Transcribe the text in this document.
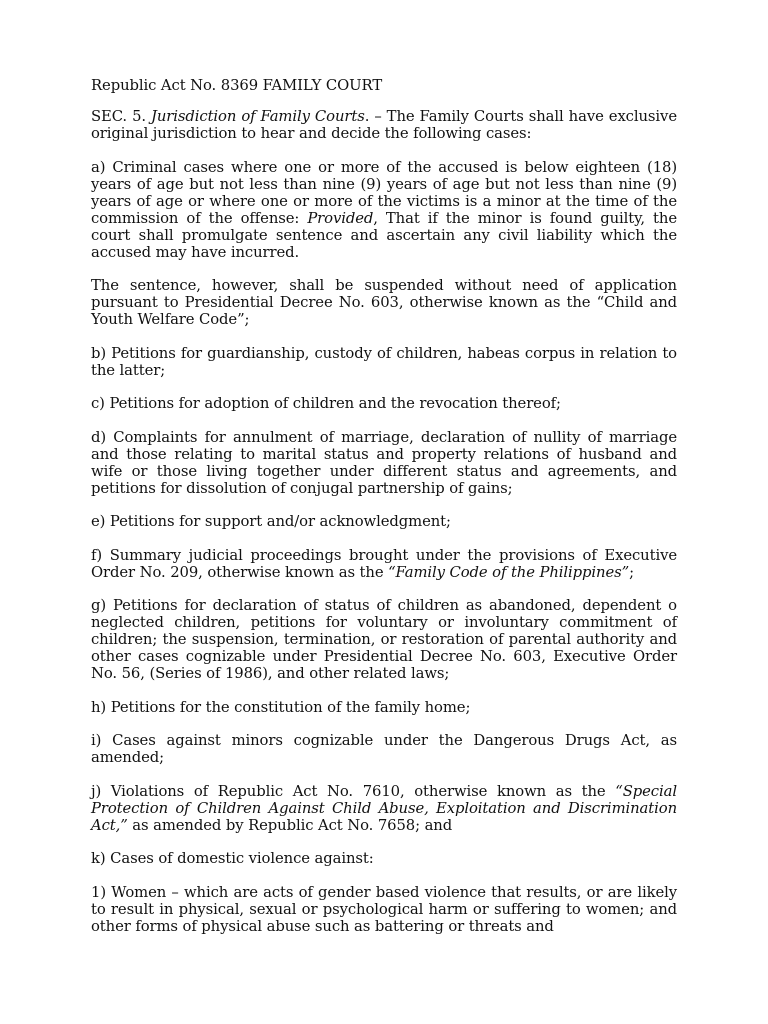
Republic Act No. 8369 FAMILY COURT

SEC. 5. Jurisdiction of Family Courts. – The Family Courts shall have exclusive original jurisdiction to hear and decide the following cases:

a) Criminal cases where one or more of the accused is below eighteen (18) years of age but not less than nine (9) years of age but not less than nine (9) years of age or where one or more of the victims is a minor at the time of the commission of the offense: Provided, That if the minor is found guilty, the court shall promulgate sentence and ascertain any civil liability which the accused may have incurred.

The sentence, however, shall be suspended without need of application pursuant to Presidential Decree No. 603, otherwise known as the “Child and Youth Welfare Code”;

b) Petitions for guardianship, custody of children, habeas corpus in relation to the latter;

c) Petitions for adoption of children and the revocation thereof;

d) Complaints for annulment of marriage, declaration of nullity of marriage and those relating to marital status and property relations of husband and wife or those living together under different status and agreements, and petitions for dissolution of conjugal partnership of gains;

e) Petitions for support and/or acknowledgment;

f) Summary judicial proceedings brought under the provisions of Executive Order No. 209, otherwise known as the “Family Code of the Philippines”;

g) Petitions for declaration of status of children as abandoned, dependent o neglected children, petitions for voluntary or involuntary commitment of children; the suspension, termination, or restoration of parental authority and other cases cognizable under Presidential Decree No. 603, Executive Order No. 56, (Series of 1986), and other related laws;

h) Petitions for the constitution of the family home;

i) Cases against minors cognizable under the Dangerous Drugs Act, as amended;

j) Violations of Republic Act No. 7610, otherwise known as the “Special Protection of Children Against Child Abuse, Exploitation and Discrimination Act,” as amended by Republic Act No. 7658; and

k) Cases of domestic violence against:

1) Women – which are acts of gender based violence that results, or are likely to result in physical, sexual or psychological harm or suffering to women; and other forms of physical abuse such as battering or threats and
